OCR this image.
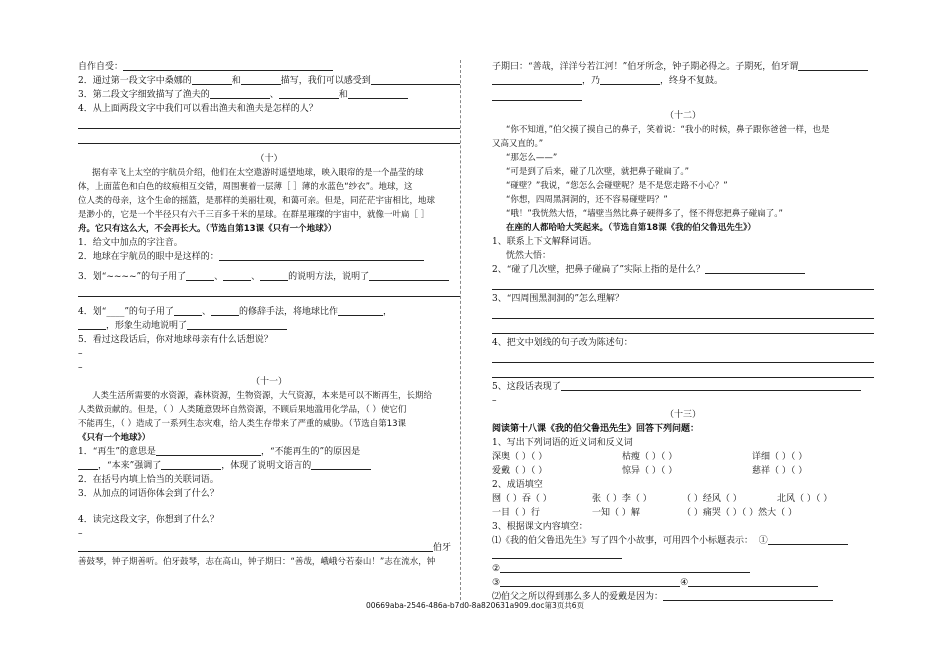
自作自受：

2．通过第一段文字中桑娜的	和	描写，我们可以感受到

3．第二段文字细致描写了渔夫的	、	和

4．从上面两段文字中我们可以看出渔夫和渔夫是怎样的人？

（十）

据有幸飞上太空的宇航员介绍，他们在太空遨游时遥望地球，映入眼帘的是一个晶莹的球

体，上面蓝色和白色的纹痕相互交错，周围裹着一层薄［ ］薄的水蓝色“纱衣”。地球，这

位人类的母亲，这个生命的摇篮，是那样的美丽壮观，和蔼可亲。但是，同茫茫宇宙相比，地球

是渺小的，它是一个半径只有六千三百多千米的星球。在群星璀璨的宇宙中，就像一叶扁［ ］

舟。它只有这么大，不会再长大。（节选自第13课《只有一个地球》）

1．给文中加点的字注音。

2．地球在宇航员的眼中是这样的：

3．划“~~~~”的句子用了	、	、	的说明方法，说明了

4．划“____”的句子用了	、	的修辞手法，将地球比作	，

，形象生动地说明了

5．看过这段话后，你对地球母亲有什么话想说？

–

–

（十一）

人类生活所需要的水资源，森林资源，生物资源，大气资源，本来是可以不断再生，长期给

人类做贡献的。但是，（ ）人类随意毁坏自然资源，不顾后果地滥用化学品，（ ）使它们

不能再生，（ ）造成了一系列生态灾难，给人类生存带来了严重的威胁。（节选自第13课

《只有一个地球》）

1．“再生”的意思是	，“不能再生的”的原因是

，“本来”强调了	，体现了说明文语言的

2．在括号内填上恰当的关联词语。

3．从加点的词语你体会到了什么？

4．读完这段文字，你想到了什么？

–

伯牙

善鼓琴，钟子期善听。伯牙鼓琴，志在高山，钟子期曰：“善哉，峨峨兮若泰山！”志在流水，钟

子期曰：“善哉，洋洋兮若江河！”伯牙所念，钟子期必得之。子期死，伯牙谓

，乃	，终身不复鼓。

（十二）

“你不知道，”伯父摸了摸自己的鼻子，笑着说：“我小的时候，鼻子跟你爸爸一样，也是

又高又直的。”

“那怎么——”

“可是到了后来，碰了几次壁，就把鼻子碰扁了。”

“碰壁？”我说，“您怎么会碰壁呢？是不是您走路不小心？”

“你想，四周黑洞洞的，还不容易碰壁吗？”

“哦！”我恍然大悟，“墙壁当然比鼻子硬得多了，怪不得您把鼻子碰扁了。”

在座的人都哈哈大笑起来。（节选自第18课《我的伯父鲁迅先生》）

1、联系上下文解释词语。

恍然大悟：

2、“碰了几次壁，把鼻子碰扁了”实际上指的是什么？

3、“四周围黑洞洞的”怎么理解？

4、把文中划线的句子改为陈述句：

5、这段话表现了

–

（十三）

阅读第十八课《我的伯父鲁迅先生》回答下列问题：

1、写出下列词语的近义词和反义词

深奥（ ）（ ）	枯瘦（ ）（ ）	详细（ ）（ ）

爱戴（ ）（ ）	惊异（ ）（ ）	慈祥（ ）（ ）

2、成语填空

囫（ ）吞（ ）	张（ ）李（ ）	（ ）经风（ ）	北风（ ）（ ）

一目（ ）行	一知（ ）解	（ ）痛哭（ ）（ ）然大（ ）

3、根据课文内容填空：

⑴《我的伯父鲁迅先生》写了四个小故事，可用四个小标题表示： ①

②

③	④

⑵伯父之所以得到那么多人的爱戴是因为：

00669aba-2546-486a-b7d0-8a820631a909.doc第3页共6页
